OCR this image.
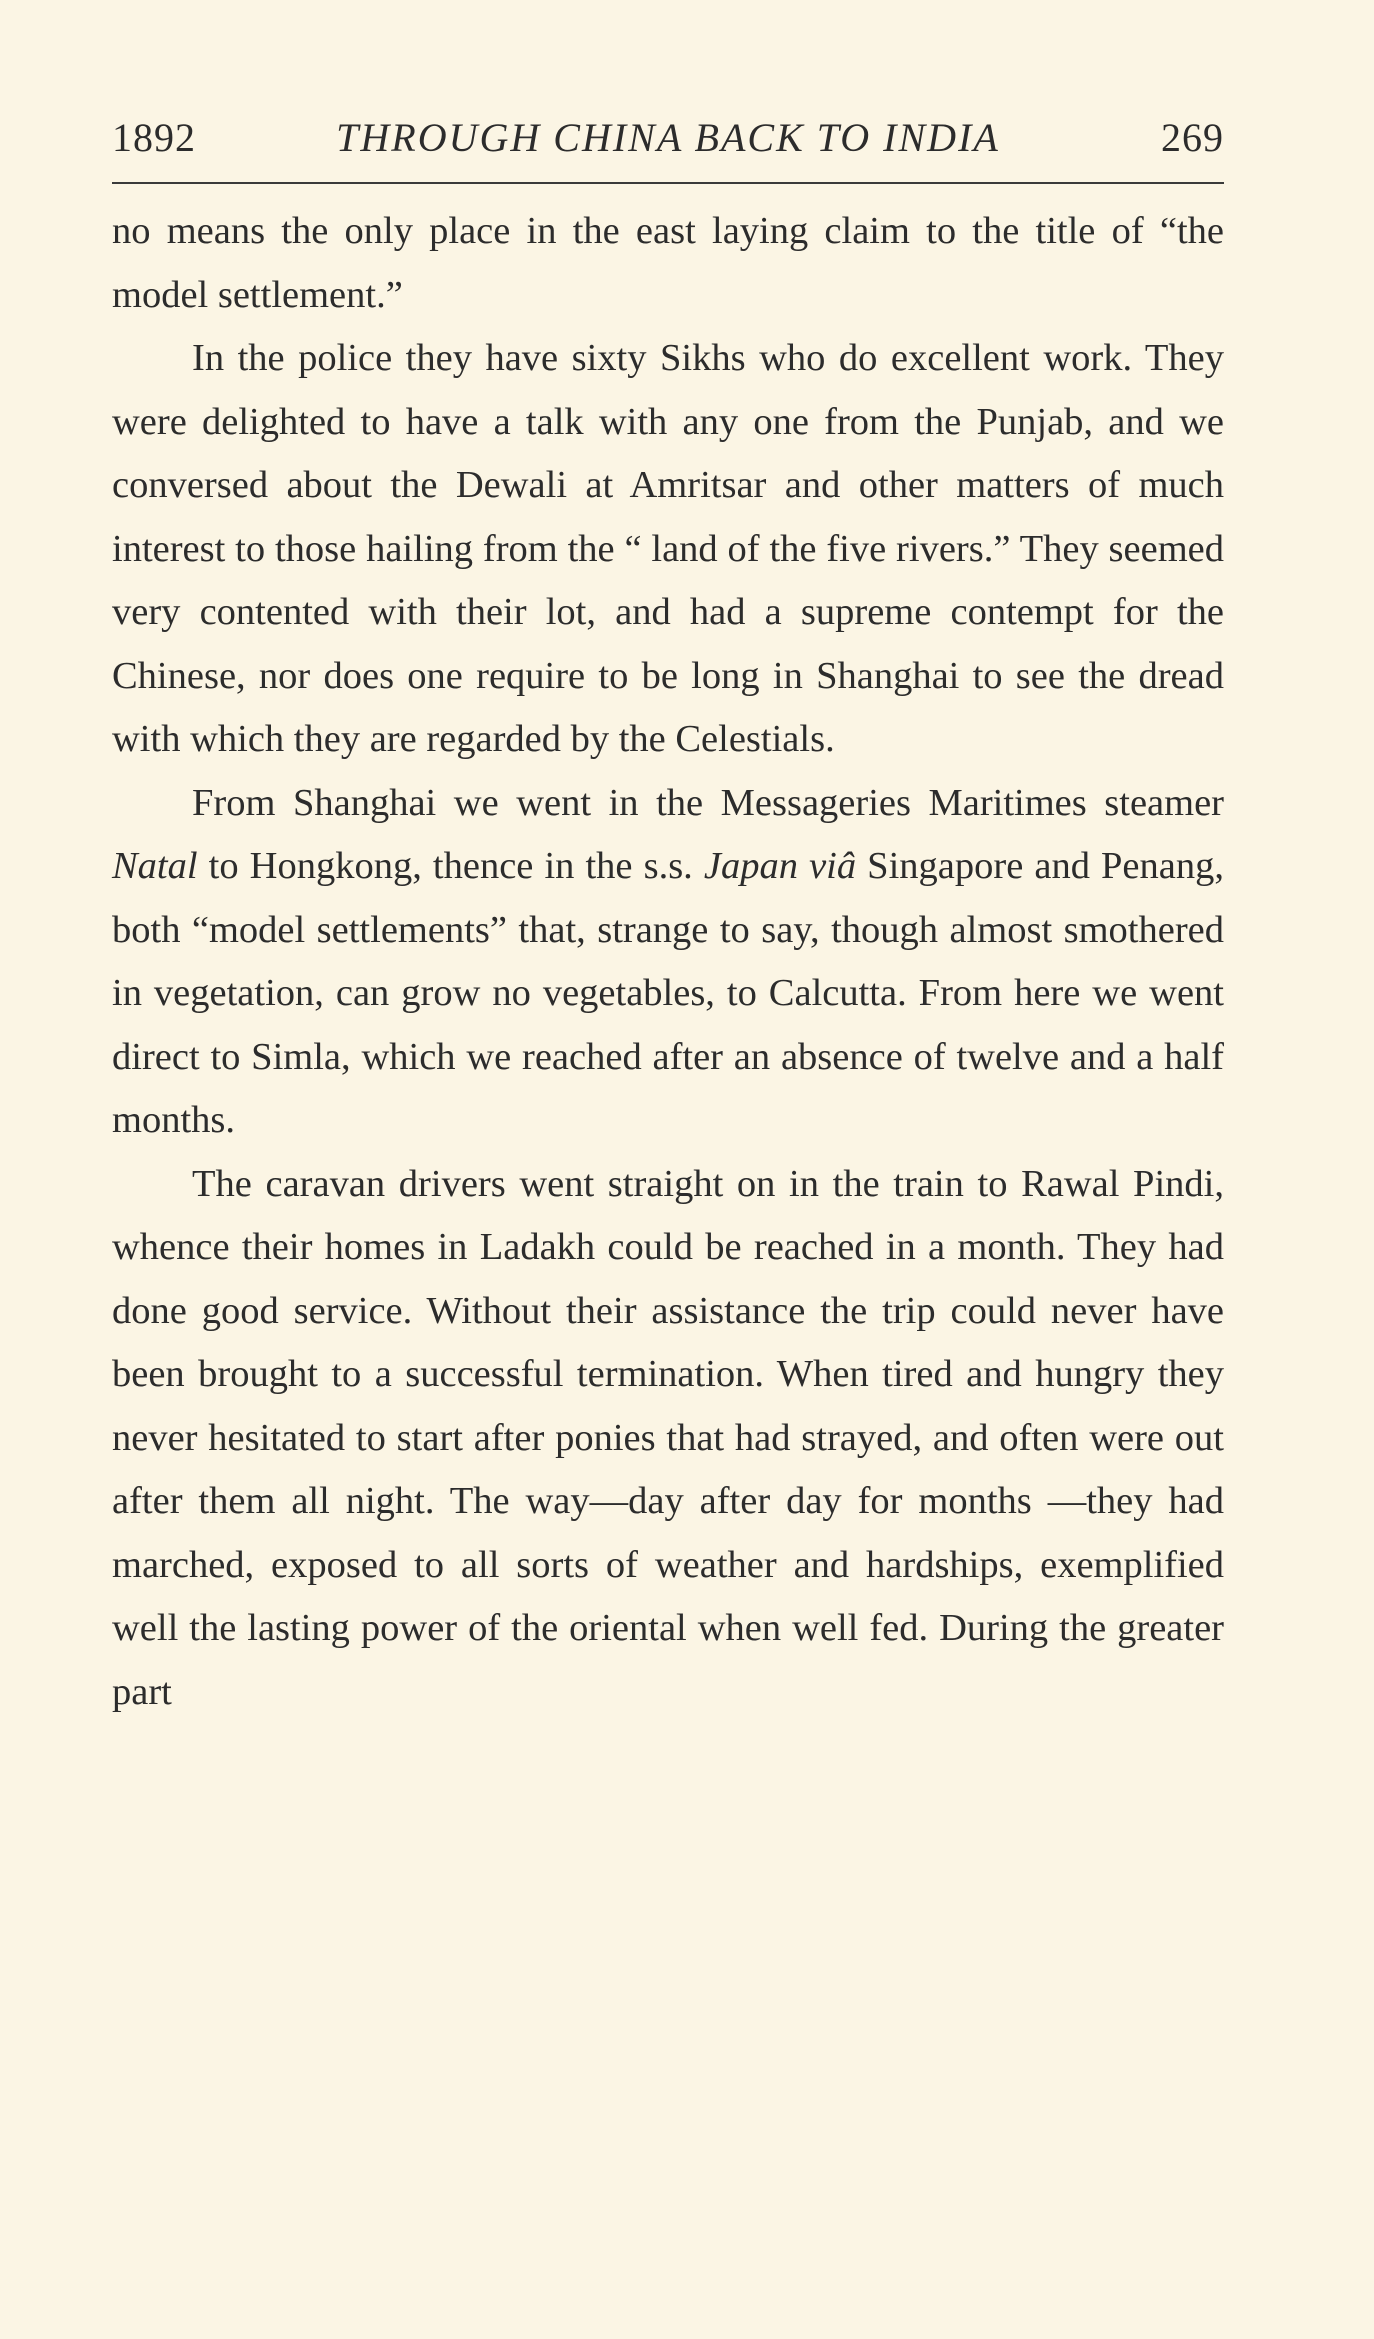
1892	THROUGH CHINA BACK TO INDIA	269

no means the only place in the east laying claim to the title of “the model settlement.”

In the police they have sixty Sikhs who do excellent work. They were delighted to have a talk with any one from the Punjab, and we conversed about the Dewali at Amritsar and other matters of much interest to those hailing from the “ land of the five rivers.” They seemed very contented with their lot, and had a supreme contempt for the Chinese, nor does one require to be long in Shanghai to see the dread with which they are regarded by the Celestials.

From Shanghai we went in the Messageries Maritimes steamer Natal to Hongkong, thence in the s.s. Japan viâ Singapore and Penang, both “model settlements” that, strange to say, though almost smothered in vegetation, can grow no vegetables, to Calcutta. From here we went direct to Simla, which we reached after an absence of twelve and a half months.

The caravan drivers went straight on in the train to Rawal Pindi, whence their homes in Ladakh could be reached in a month. They had done good service. Without their assistance the trip could never have been brought to a successful termination. When tired and hungry they never hesitated to start after ponies that had strayed, and often were out after them all night. The way—day after day for months —they had marched, exposed to all sorts of weather and hardships, exemplified well the lasting power of the oriental when well fed. During the greater part
